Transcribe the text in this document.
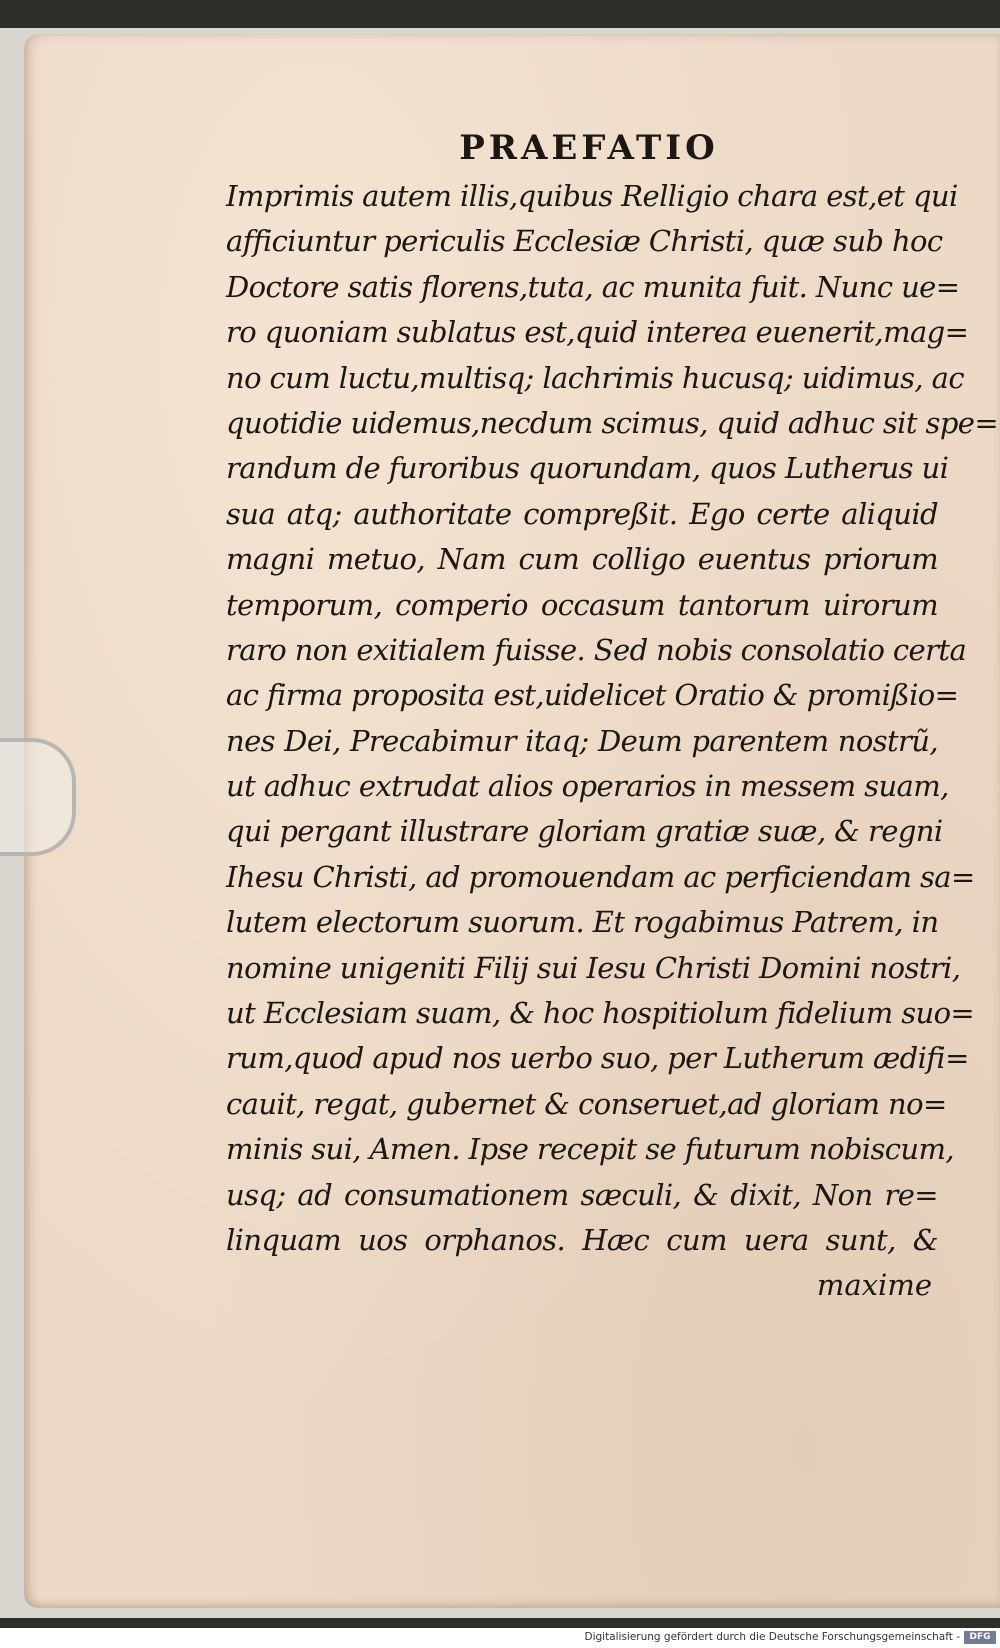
PRAEFATIO
Imprimis autem illis,quibus Relligio chara est,et qui
afficiuntur periculis Ecclesiæ Christi, quæ sub hoc
Doctore satis florens,tuta, ac munita fuit. Nunc ue=
ro quoniam sublatus est,quid interea euenerit,mag=
no cum luctu,multisq; lachrimis hucusq; uidimus, ac
quotidie uidemus,necdum scimus, quid adhuc sit spe=
randum de furoribus quorundam, quos Lutherus ui
sua atq; authoritate compreßit. Ego certe aliquid
magni metuo, Nam cum colligo euentus priorum
temporum, comperio occasum tantorum uirorum
raro non exitialem fuisse. Sed nobis consolatio certa
ac firma proposita est,uidelicet Oratio & promißio=
nes Dei, Precabimur itaq; Deum parentem nostrũ,
ut adhuc extrudat alios operarios in messem suam,
qui pergant illustrare gloriam gratiæ suæ, & regni
Ihesu Christi, ad promouendam ac perficiendam sa=
lutem electorum suorum. Et rogabimus Patrem, in
nomine unigeniti Filij sui Iesu Christi Domini nostri,
ut Ecclesiam suam, & hoc hospitiolum fidelium suo=
rum,quod apud nos uerbo suo, per Lutherum ædifi=
cauit, regat, gubernet & conseruet,ad gloriam no=
minis sui, Amen. Ipse recepit se futurum nobiscum,
usq; ad consumationem sæculi, & dixit, Non re=
linquam uos orphanos. Hæc cum uera sunt, &
maxime
Digitalisierung gefördert durch die Deutsche Forschungsgemeinschaft -	DFG
